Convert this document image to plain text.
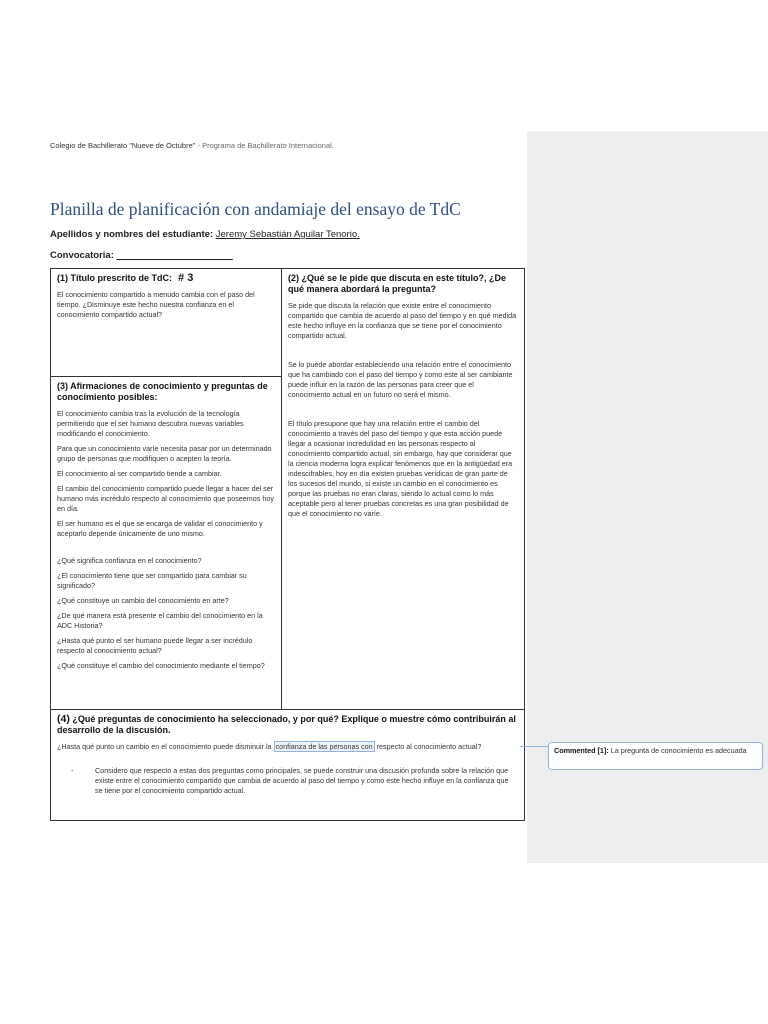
Colegio de Bachillerato "Nueve de Octubre" - Programa de Bachillerato Internacional.
Planilla de planificación con andamiaje del ensayo de TdC
Apellidos y nombres del estudiante: Jeremy Sebastián Aguilar Tenorio.
Convocatoria: _ _ _ _ _ _ _ _ _ _ _ _ _ _ _
(1) Título prescrito de TdC: # 3
El conocimiento compartido a menudo cambia con el paso del tiempo. ¿Disminuye este hecho nuestra confianza en el conocimiento compartido actual?
(2) ¿Qué se le pide que discuta en este título?, ¿De qué manera abordará la pregunta?
Se pide que discuta la relación que existe entre el conocimiento compartido que cambia de acuerdo al paso del tiempo y en qué medida este hecho influye en la confianza que se tiene por el conocimiento compartido actual.
Se lo puede abordar estableciendo una relación entre el conocimiento que ha cambiado con el paso del tiempo y como este al ser cambiante puede influir en la razón de las personas para creer que el conocimiento actual en un futuro no será el mismo.
El título presupone que hay una relación entre el cambio del conocimiento a través del paso del tiempo y que esta acción puede llegar a ocasionar incredulidad en las personas respecto al conocimiento compartido actual, sin embargo, hay que considerar que la ciencia moderna logra explicar fenómenos que en la antigüedad era indescifrables, hoy en día existen pruebas verídicas de gran parte de los sucesos del mundo, si existe un cambio en el conocimiento es porque las pruebas no eran claras, siendo lo actual como lo más aceptable pero al tener pruebas concretas es una gran posibilidad de que el conocimiento no varíe.
(3) Afirmaciones de conocimiento y preguntas de conocimiento posibles:
El conocimiento cambia tras la evolución de la tecnología permitiendo que el ser humano descubra nuevas variables modificando el conocimiento.
Para que un conocimiento varíe necesita pasar por un determinado grupo de personas que modifiquen o acepten la teoría.
El conocimiento al ser compartido tiende a cambiar.
El cambio del conocimiento compartido puede llegar a hacer del ser humano más incrédulo respecto al conocimiento que poseemos hoy en día.
El ser humano es el que se encarga de validar el conocimiento y aceptarlo depende únicamente de uno mismo.
¿Qué significa confianza en el conocimiento?
¿El conocimiento tiene que ser compartido para cambiar su significado?
¿Qué constituye un cambio del conocimiento en arte?
¿De qué manera está presente el cambio del conocimiento en la ADC Historia?
¿Hasta qué punto el ser humano puede llegar a ser incrédulo respecto al conocimiento actual?
¿Qué constituye el cambio del conocimiento mediante el tiempo?
(4) ¿Qué preguntas de conocimiento ha seleccionado, y por qué? Explique o muestre cómo contribuirán al desarrollo de la discusión.
¿Hasta qué punto un cambio en el conocimiento puede disminuir la confianza de las personas con respecto al conocimiento actual?
-	Considero que respecto a estas dos preguntas como principales, se puede construir una discusión profunda sobre la relación que existe entre el conocimiento compartido que cambia de acuerdo al paso del tiempo y como este hecho influye en la confianza que se tiene por el conocimiento compartido actual.
Commented [1]: La pregunta de conocimiento es adecuada
